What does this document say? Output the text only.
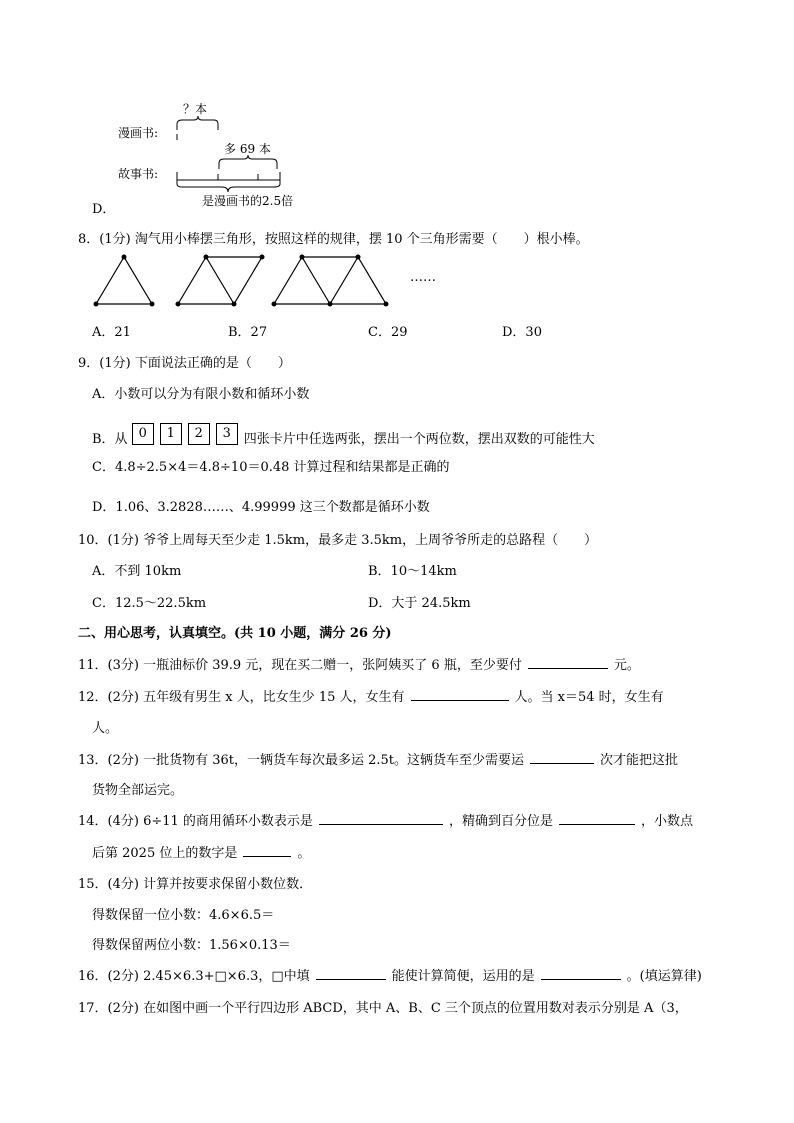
？本
漫画书:
多 69 本
故事书:
是漫画书的2.5倍
D．
8．(1分) 淘气用小棒摆三角形，按照这样的规律，摆 10 个三角形需要（　　）根小棒。
……
A．21	B．27	C．29	D．30
9．(1分) 下面说法正确的是（　　）
A．小数可以分为有限小数和循环小数
B．从 0 1 2 3 四张卡片中任选两张，摆出一个两位数，摆出双数的可能性大
C．4.8÷2.5×4＝4.8÷10＝0.48 计算过程和结果都是正确的
D．1.06̇、3.2828……、4.99999 这三个数都是循环小数
10．(1分) 爷爷上周每天至少走 1.5km，最多走 3.5km，上周爷爷所走的总路程（　　）
A．不到 10km	B．10～14km
C．12.5～22.5km	D．大于 24.5km
二、用心思考，认真填空。(共 10 小题，满分 26 分)
11．(3分) 一瓶油标价 39.9 元，现在买二赠一，张阿姨买了 6 瓶，至少要付	元。
12．(2分) 五年级有男生 x 人，比女生少 15 人，女生有	人。当 x＝54 时，女生有
人。
13．(2分) 一批货物有 36t，一辆货车每次最多运 2.5t。这辆货车至少需要运	次才能把这批
货物全部运完。
14．(4分) 6÷11 的商用循环小数表示是	，精确到百分位是	，小数点
后第 2025 位上的数字是	。
15．(4分) 计算并按要求保留小数位数．
得数保留一位小数：4.6×6.5＝
得数保留两位小数：1.56×0.13＝
16．(2分) 2.45×6.3+□×6.3，□中填	能使计算简便，运用的是	。(填运算律)
17．(2分) 在如图中画一个平行四边形 ABCD，其中 A、B、C 三个顶点的位置用数对表示分别是 A（3，
